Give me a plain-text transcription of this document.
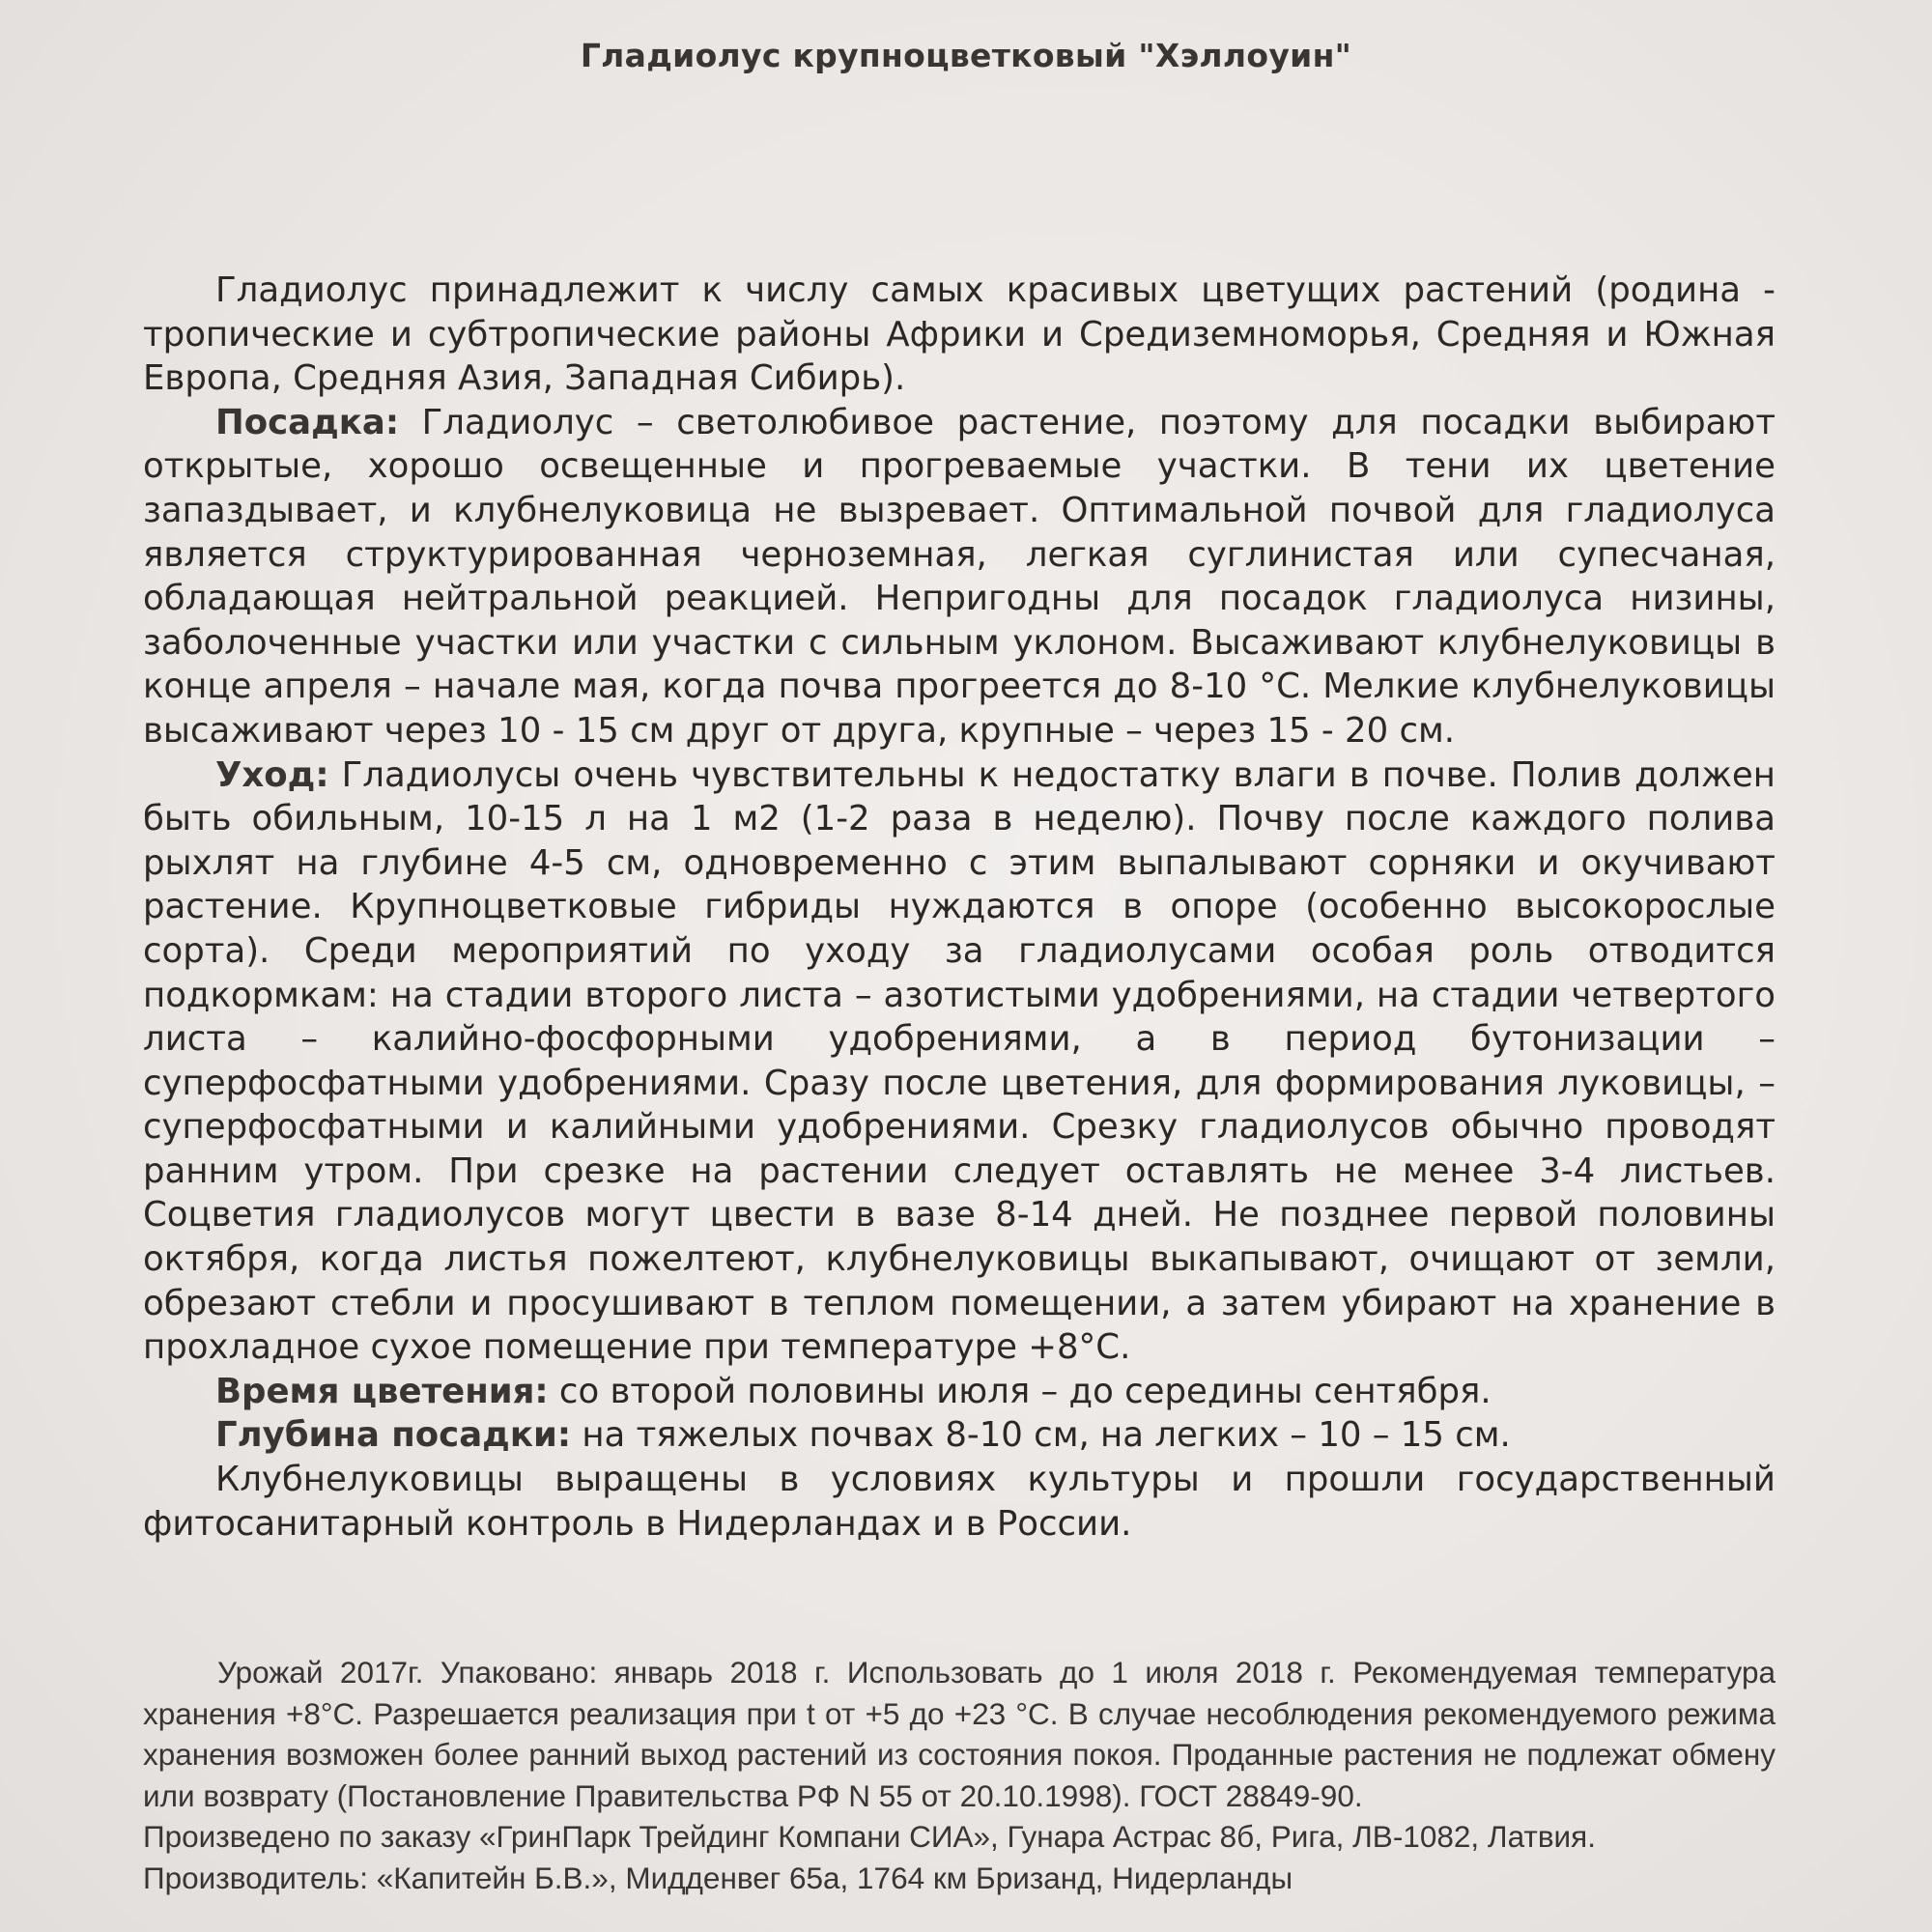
Гладиолус крупноцветковый "Хэллоуин"

Гладиолус принадлежит к числу самых красивых цветущих растений (родина - тропические и субтропические районы Африки и Средиземноморья, Средняя и Южная Европа, Средняя Азия, Западная Сибирь).

Посадка: Гладиолус – светолюбивое растение, поэтому для посадки выбирают открытые, хорошо освещенные и прогреваемые участки. В тени их цветение запаздывает, и клубнелуковица не вызревает. Оптимальной почвой для гладиолуса является структурированная черноземная, легкая суглинистая или супесчаная, обладающая нейтральной реакцией. Непригодны для посадок гладиолуса низины, заболоченные участки или участки с сильным уклоном. Высаживают клубнелуковицы в конце апреля – начале мая, когда почва прогреется до 8-10 °С. Мелкие клубнелуковицы высаживают через 10 - 15 см друг от друга, крупные – через 15 - 20 см.

Уход: Гладиолусы очень чувствительны к недостатку влаги в почве. Полив должен быть обильным, 10-15 л на 1 м2 (1-2 раза в неделю). Почву после каждого полива рыхлят на глубине 4-5 см, одновременно с этим выпалывают сорняки и окучивают растение. Крупноцветковые гибриды нуждаются в опоре (особенно высокорослые сорта). Среди мероприятий по уходу за гладиолусами особая роль отводится подкормкам: на стадии второго листа – азотистыми удобрениями, на стадии четвертого листа – калийно-фосфорными удобрениями, а в период бутонизации – суперфосфатными удобрениями. Сразу после цветения, для формирования луковицы, – суперфосфатными и калийными удобрениями. Срезку гладиолусов обычно проводят ранним утром. При срезке на растении следует оставлять не менее 3-4 листьев. Соцветия гладиолусов могут цвести в вазе 8-14 дней. Не позднее первой половины октября, когда листья пожелтеют, клубнелуковицы выкапывают, очищают от земли, обрезают стебли и просушивают в теплом помещении, а затем убирают на хранение в прохладное сухое помещение при температуре +8°С.

Время цветения: со второй половины июля – до середины сентября.

Глубина посадки: на тяжелых почвах 8-10 см, на легких – 10 – 15 см.

Клубнелуковицы выращены в условиях культуры и прошли государственный фитосанитарный контроль в Нидерландах и в России.

Урожай 2017г. Упаковано: январь 2018 г. Использовать до 1 июля 2018 г. Рекомендуемая температура хранения +8°С. Разрешается реализация при t от +5 до +23 °С. В случае несоблюдения рекомендуемого режима хранения возможен более ранний выход растений из состояния покоя. Проданные растения не подлежат обмену или возврату (Постановление Правительства РФ N 55 от 20.10.1998). ГОСТ 28849-90.

Произведено по заказу «ГринПарк Трейдинг Компани СИА», Гунара Астрас 8б, Рига, ЛВ-1082, Латвия.

Производитель: «Капитейн Б.В.», Мидденвег 65а, 1764 км Бризанд, Нидерланды
